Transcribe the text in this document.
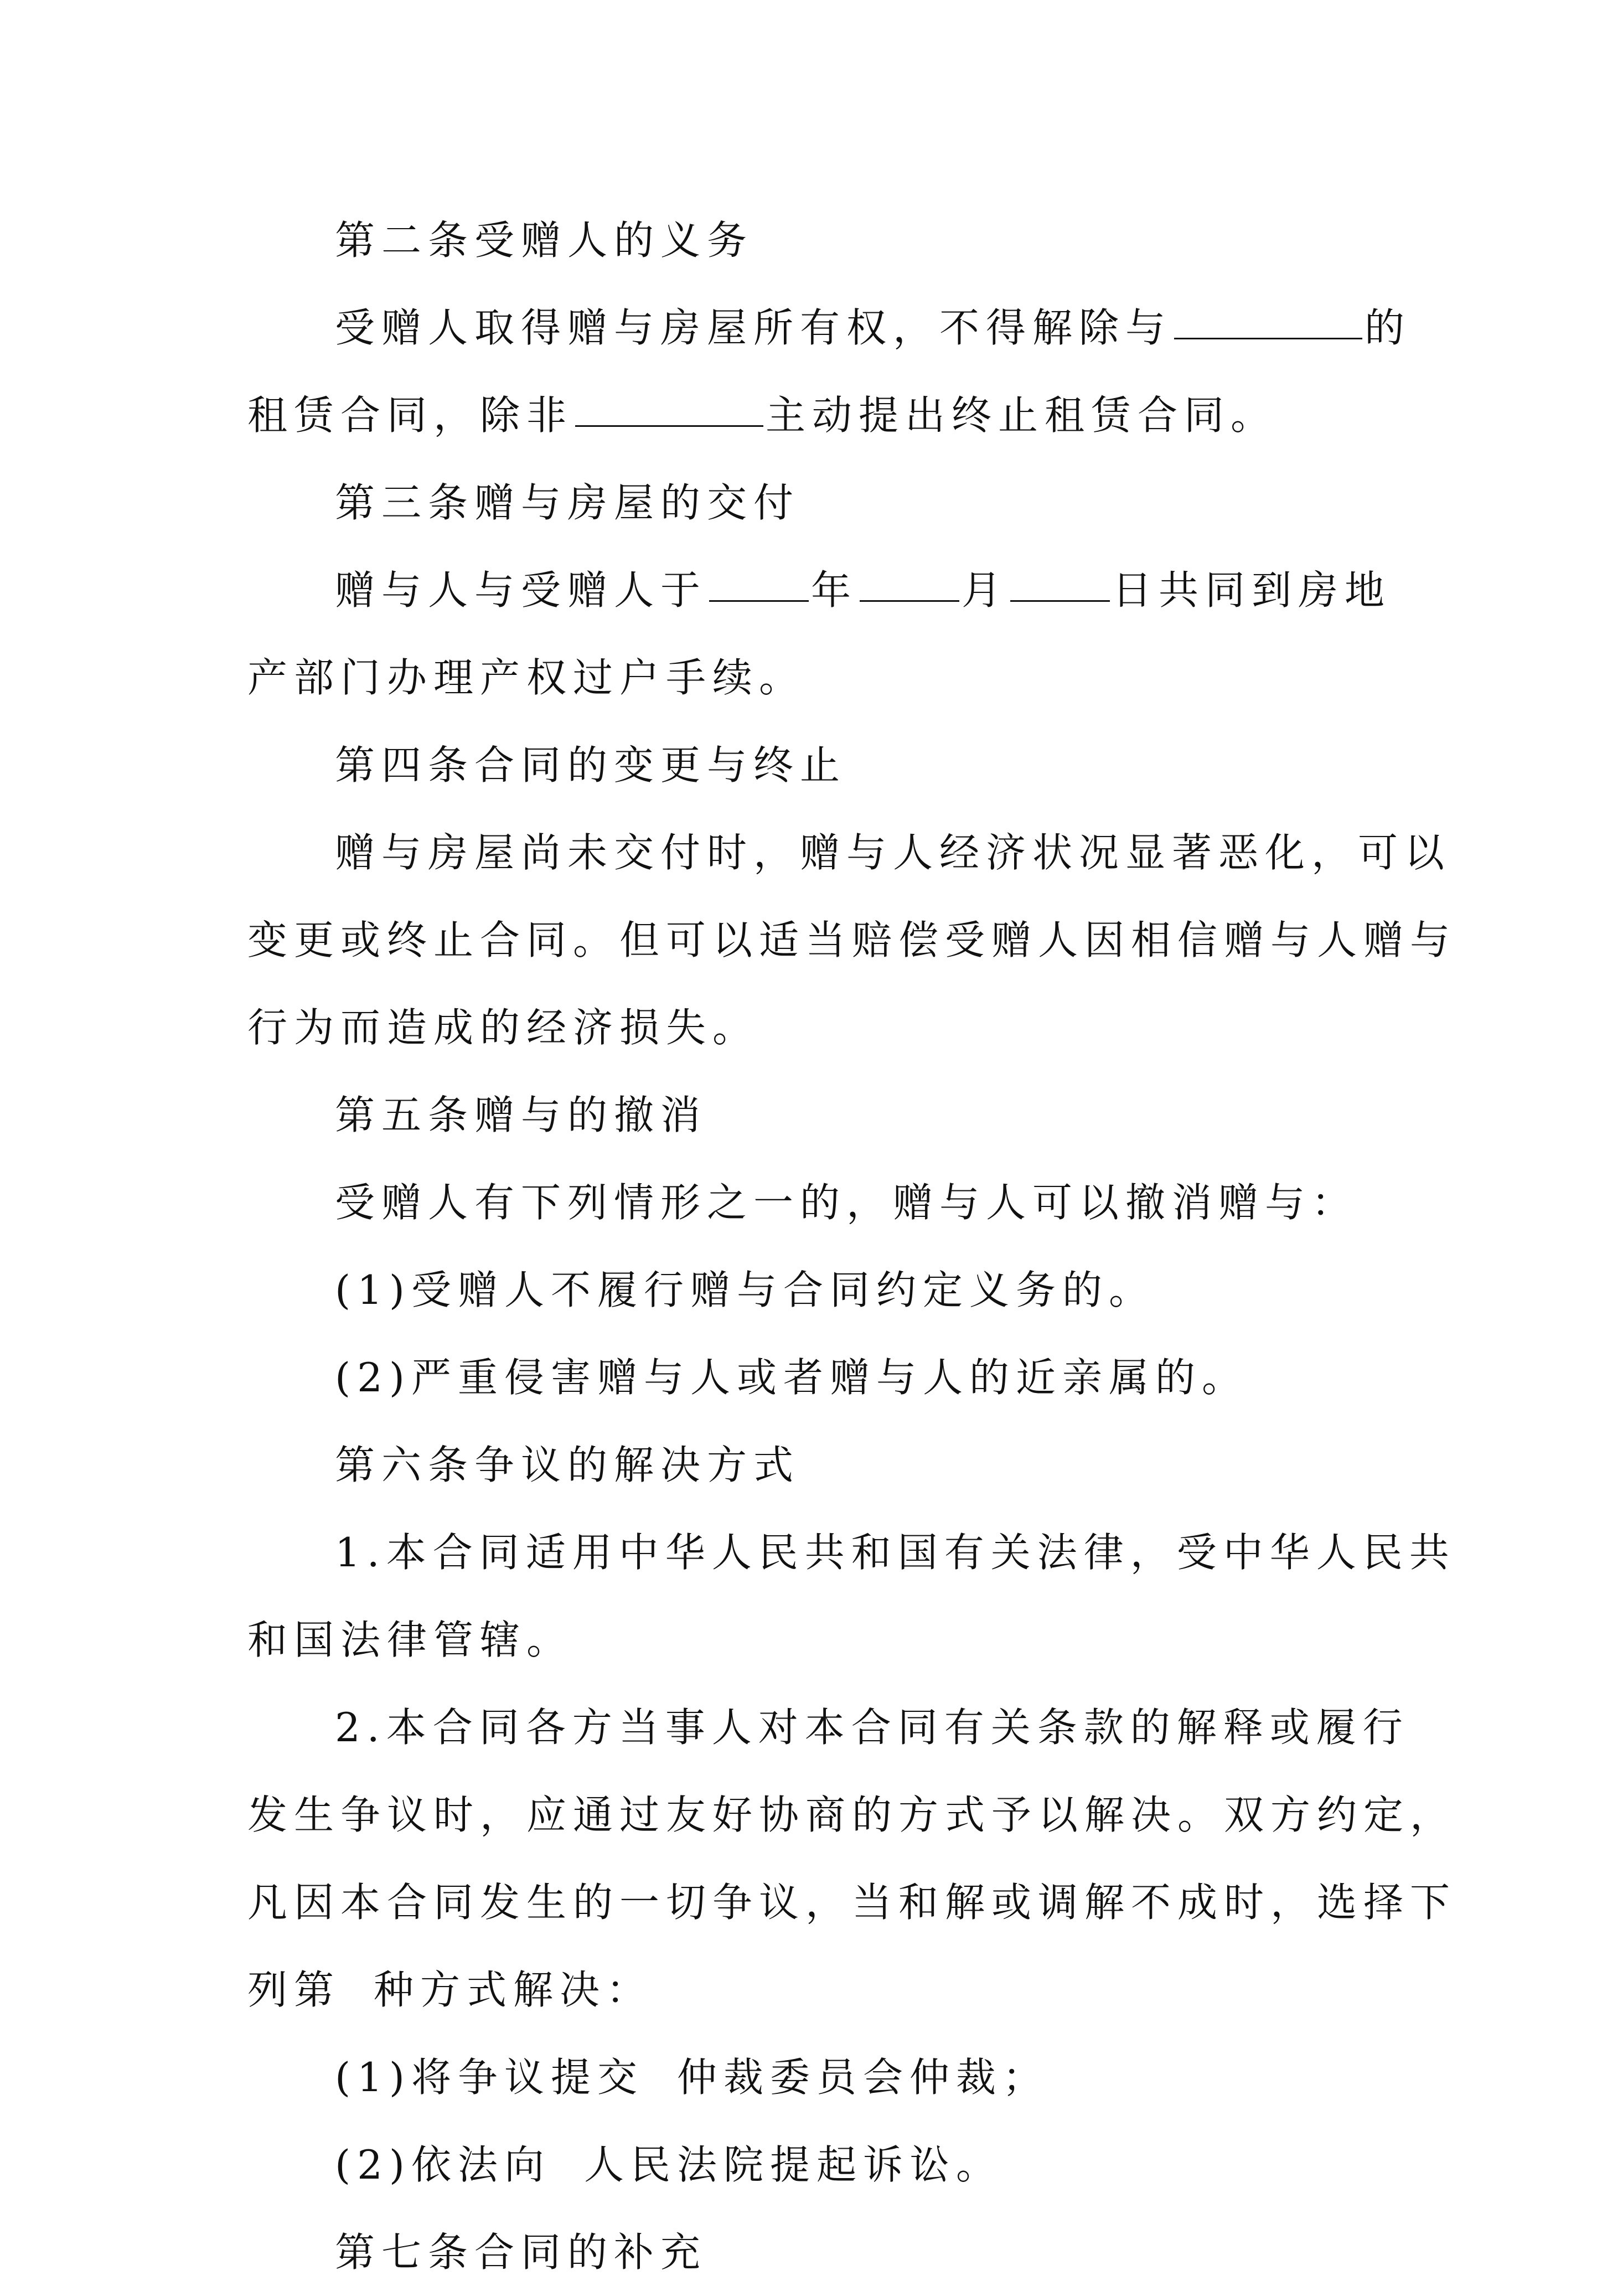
第二条受赠人的义务
受赠人取得赠与房屋所有权，不得解除与	的
租赁合同，除非	主动提出终止租赁合同。
第三条赠与房屋的交付
赠与人与受赠人于	年	月	日共同到房地
产部门办理产权过户手续。
第四条合同的变更与终止
赠与房屋尚未交付时，赠与人经济状况显著恶化，可以
变更或终止合同。但可以适当赔偿受赠人因相信赠与人赠与
行为而造成的经济损失。
第五条赠与的撤消
受赠人有下列情形之一的，赠与人可以撤消赠与：
(1)受赠人不履行赠与合同约定义务的。
(2)严重侵害赠与人或者赠与人的近亲属的。
第六条争议的解决方式
1.本合同适用中华人民共和国有关法律，受中华人民共
和国法律管辖。
2.本合同各方当事人对本合同有关条款的解释或履行
发生争议时，应通过友好协商的方式予以解决。双方约定，
凡因本合同发生的一切争议，当和解或调解不成时，选择下
列第 种方式解决：
(1)将争议提交 仲裁委员会仲裁；
(2)依法向 人民法院提起诉讼。
第七条合同的补充
